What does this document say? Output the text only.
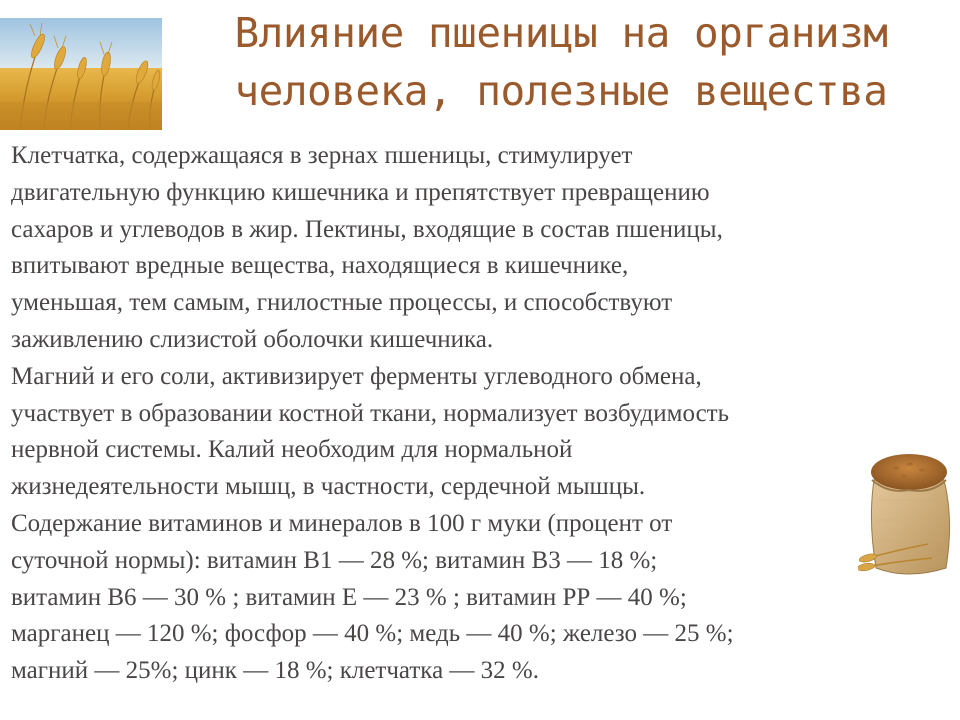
Влияние пшеницы на организм
человека, полезные вещества

Клетчатка, содержащаяся в зернах пшеницы, стимулирует
двигательную функцию кишечника и препятствует превращению
сахаров и углеводов в жир. Пектины, входящие в состав пшеницы,
впитывают вредные вещества, находящиеся в кишечнике,
уменьшая, тем самым, гнилостные процессы, и способствуют
заживлению слизистой оболочки кишечника.

Магний и его соли, активизирует ферменты углеводного обмена,
участвует в образовании костной ткани, нормализует возбудимость
нервной системы. Калий необходим для нормальной
жизнедеятельности мышц, в частности, сердечной мышцы.

Содержание витаминов и минералов в 100 г муки (процент от
суточной нормы): витамин В1 — 28 %; витамин В3 — 18 %;
витамин В6 — 30 % ; витамин Е — 23 % ; витамин РР — 40 %;
марганец — 120 %; фосфор — 40 %; медь — 40 %; железо — 25 %;
магний — 25%; цинк — 18 %; клетчатка — 32 %.
